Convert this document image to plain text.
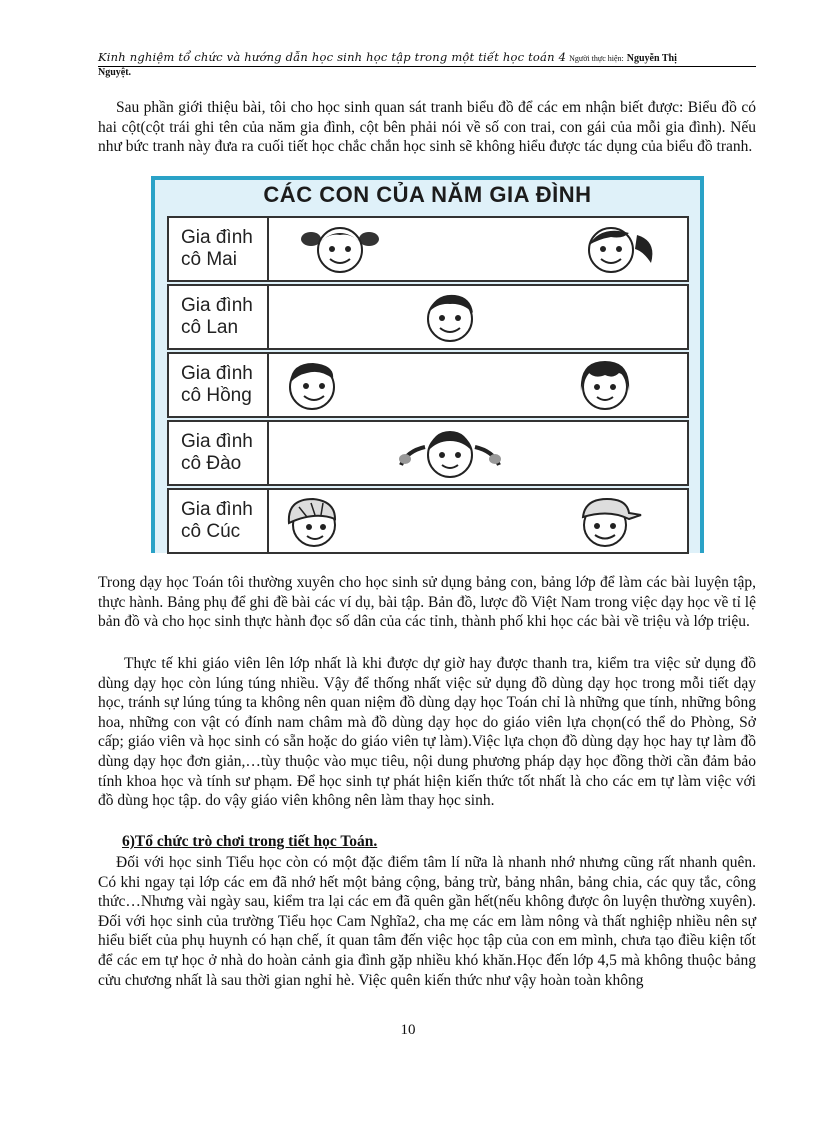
Kinh nghiệm tổ chức và hướng dẫn học sinh học tập trong một tiết học toán 4 Người thực hiện: Nguyễn Thị
Nguyệt.
Sau phần giới thiệu bài, tôi cho học sinh quan sát tranh biểu đồ để các em nhận biết được: Biểu đồ có hai cột(cột trái ghi tên của năm gia đình, cột bên phải nói về số con trai, con gái của mỗi gia đình). Nếu như bức tranh này đưa ra cuối tiết học chắc chắn học sinh sẽ không hiểu được tác dụng của biểu đồ tranh.
CÁC CON CỦA NĂM GIA ĐÌNH
Gia đình
cô Mai
Gia đình
cô Lan
Gia đình
cô Hồng
Gia đình
cô Đào
Gia đình
cô Cúc
Trong dạy học Toán tôi thường xuyên cho học sinh sử dụng bảng con, bảng lớp để làm các bài luyện tập, thực hành. Bảng phụ để ghi đề bài các ví dụ, bài tập. Bản đồ, lược đồ Việt Nam trong việc dạy học về tỉ lệ bản đồ và cho học sinh thực hành đọc số dân của các tỉnh, thành phố khi học các bài về triệu và lớp triệu.
Thực tế khi giáo viên lên lớp nhất là khi được dự giờ hay được thanh tra, kiểm tra việc sử dụng đồ dùng dạy học còn lúng túng nhiều. Vậy để thống nhất việc sử dụng đồ dùng dạy học trong mỗi tiết dạy học, tránh sự lúng túng ta không nên quan niệm đồ dùng dạy học Toán chỉ là những que tính, những bông hoa, những con vật có đính nam châm mà đồ dùng dạy học do giáo viên lựa chọn(có thể do Phòng, Sở cấp; giáo viên và học sinh có sẵn hoặc do giáo viên tự làm).Việc lựa chọn đồ dùng dạy học hay tự làm đồ dùng dạy học đơn giản,…tùy thuộc vào mục tiêu, nội dung phương pháp dạy học đồng thời cần đảm bảo tính khoa học và tính sư phạm. Để học sinh tự phát hiện kiến thức tốt nhất là cho các em tự làm việc với đồ dùng học tập. do vậy giáo viên không nên làm thay học sinh.
6)Tổ chức trò chơi trong tiết học Toán.
Đối với học sinh Tiểu học còn có một đặc điểm tâm lí nữa là nhanh nhớ nhưng cũng rất nhanh quên. Có khi ngay tại lớp các em đã nhớ hết một bảng cộng, bảng trừ, bảng nhân, bảng chia, các quy tắc, công thức…Nhưng vài ngày sau, kiểm tra lại các em đã quên gần hết(nếu không được ôn luyện thường xuyên). Đối với học sinh của trường Tiểu học Cam Nghĩa2, cha mẹ các em làm nông và thất nghiệp nhiều nên sự hiểu biết của phụ huynh có hạn chế, ít quan tâm đến việc học tập của con em mình, chưa tạo điều kiện tốt để các em tự học ở nhà do hoàn cảnh gia đình gặp nhiều khó khăn.Học đến lớp 4,5 mà không thuộc bảng cửu chương nhất là sau thời gian nghỉ hè. Việc quên kiến thức như vậy hoàn toàn không
10
